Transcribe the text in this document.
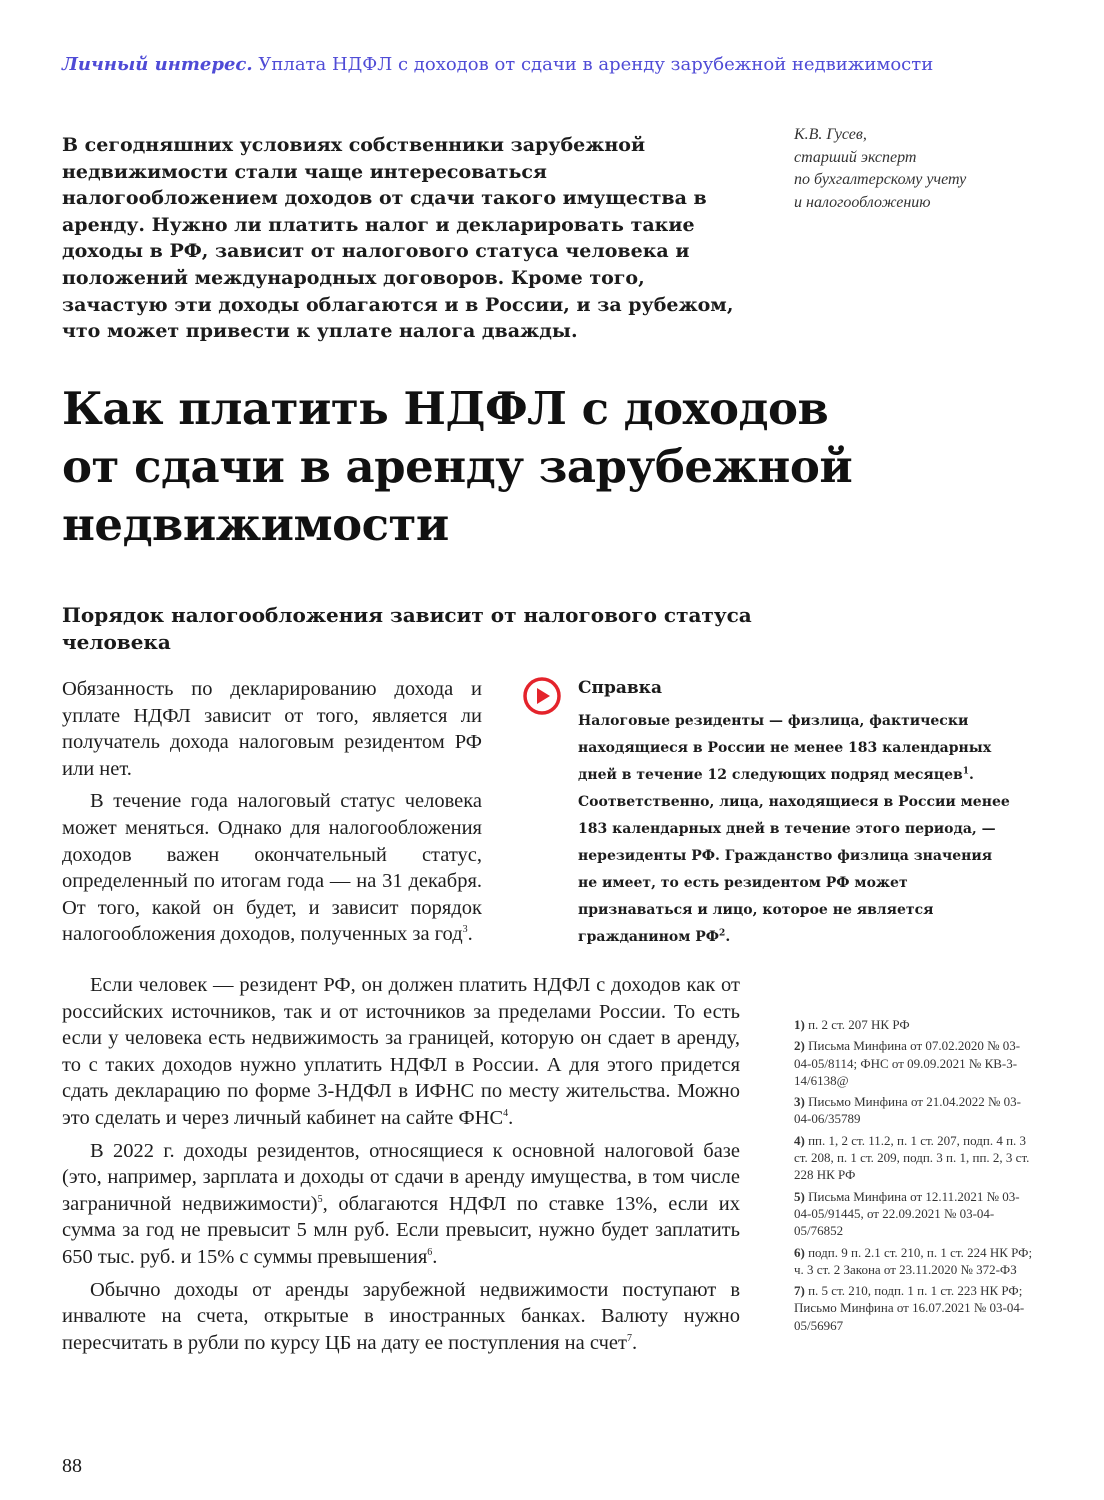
Личный интерес. Уплата НДФЛ с доходов от сдачи в аренду зарубежной недвижимости
К.В. Гусев,
старший эксперт
по бухгалтерскому учету
и налогообложению
В сегодняшних условиях собственники зарубежной недвижимости стали чаще интересоваться налогообложением доходов от сдачи такого имущества в аренду. Нужно ли платить налог и декларировать такие доходы в РФ, зависит от налогового статуса человека и положений международных договоров. Кроме того, зачастую эти доходы облагаются и в России, и за рубежом, что может привести к уплате налога дважды.
Как платить НДФЛ с доходов от сдачи в аренду зарубежной недвижимости
Порядок налогообложения зависит от налогового статуса человека

Обязанность по декларированию дохода и уплате НДФЛ зависит от того, является ли получатель дохода налоговым резидентом РФ или нет.

В течение года налоговый статус человека может меняться. Однако для налогообложения доходов важен окончательный статус, определенный по итогам года — на 31 декабря. От того, какой он будет, и зависит порядок налогообложения доходов, полученных за год$^3$.

Справка
Налоговые резиденты — физлица, фактически находящиеся в России не менее 183 календарных дней в течение 12 следующих подряд месяцев$^1$. Соответственно, лица, находящиеся в России менее 183 календарных дней в течение этого периода, — нерезиденты РФ. Гражданство физлица значения не имеет, то есть резидентом РФ может признаваться и лицо, которое не является гражданином $РФ^2$.

Если человек — резидент РФ, он должен платить НДФЛ с доходов как от российских источников, так и от источников за пределами России. То есть если у человека есть недвижимость за границей, которую он сдает в аренду, то с таких доходов нужно уплатить НДФЛ в России. А для этого придется сдать декларацию по форме 3-НДФЛ в ИФНС по месту жительства. Можно это сделать и через личный кабинет на сайте ФНС$^4$.

В 2022 г. доходы резидентов, относящиеся к основной налоговой базе (это, например, зарплата и доходы от сдачи в аренду имущества, в том числе заграничной недвижимости)$^5$, облагаются НДФЛ по ставке 13%, если их сумма за год не превысит 5 млн руб. Если превысит, нужно будет заплатить 650 тыс. руб. и 15% с суммы превышения$^6$.

Обычно доходы от аренды зарубежной недвижимости поступают в инвалюте на счета, открытые в иностранных банках. Валюту нужно пересчитать в рубли по курсу ЦБ на дату ее поступления на счет$^7$.

1) п. 2 ст. 207 НК РФ
2) Письма Минфина от 07.02.2020 № 03-04-05/8114; ФНС от 09.09.2021 № КВ-3-14/6138@
3) Письмо Минфина от 21.04.2022 № 03-04-06/35789
4) пп. 1, 2 ст. 11.2, п. 1 ст. 207, подп. 4 п. 3 ст. 208, п. 1 ст. 209, подп. 3 п. 1, пп. 2, 3 ст. 228 НК РФ
5) Письма Минфина от 12.11.2021 № 03-04-05/91445, от 22.09.2021 № 03-04-05/76852
6) подп. 9 п. 2.1 ст. 210, п. 1 ст. 224 НК РФ; ч. 3 ст. 2 Закона от 23.11.2020 № 372-ФЗ
7) п. 5 ст. 210, подп. 1 п. 1 ст. 223 НК РФ; Письмо Минфина от 16.07.2021 № 03-04-05/56967
88
